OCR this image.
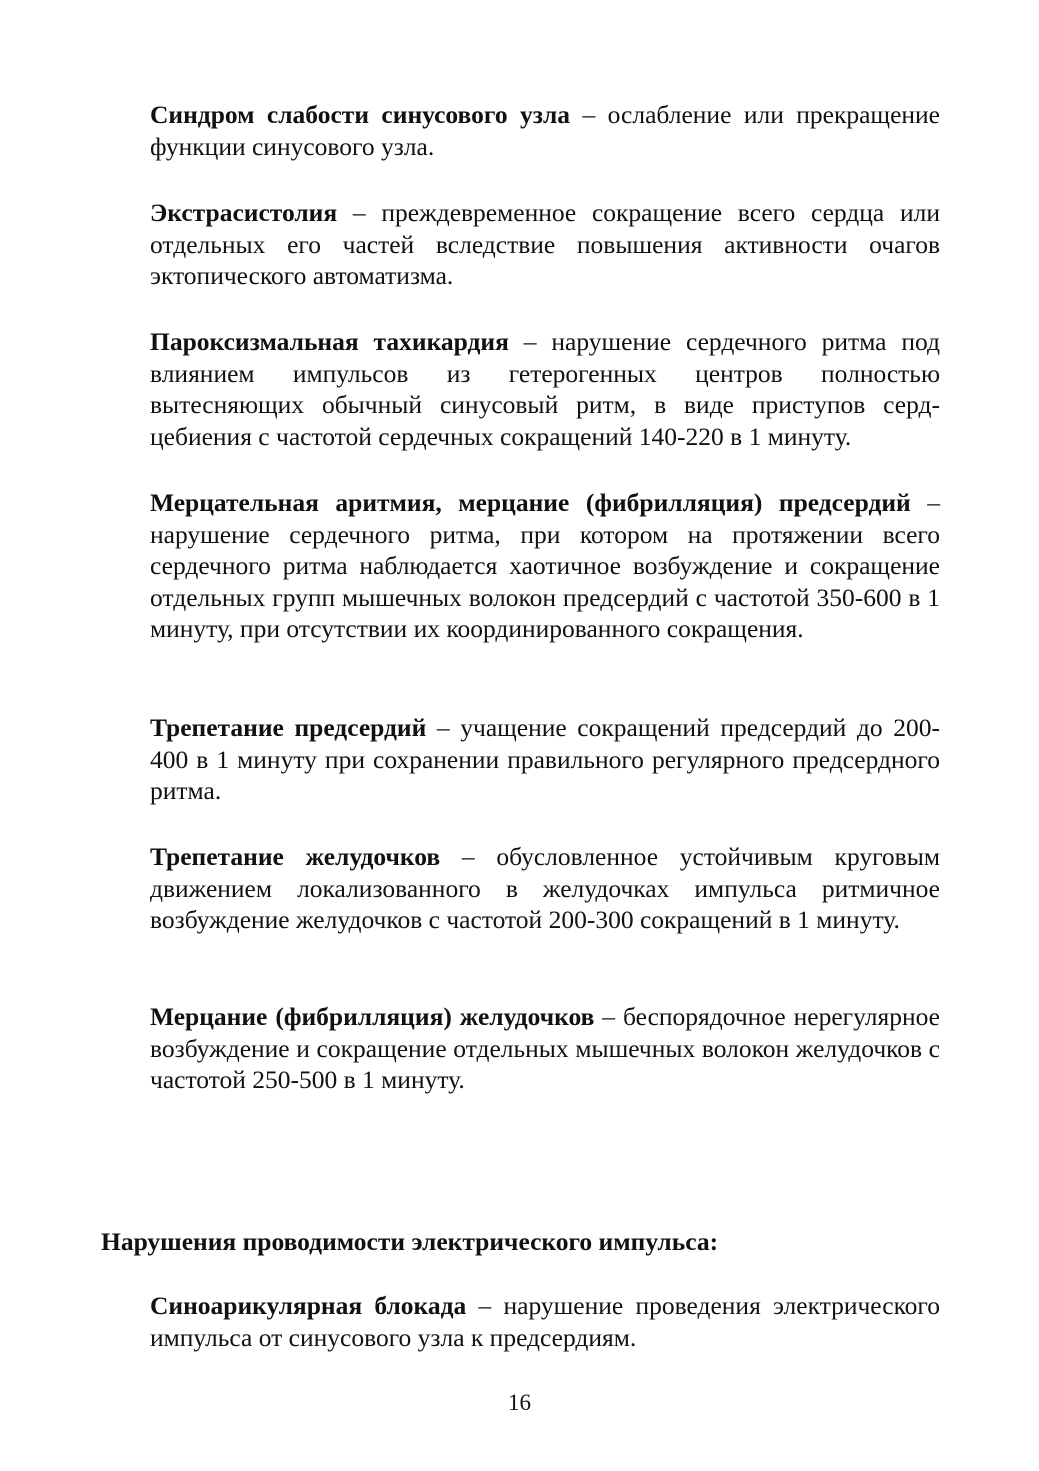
Синдром слабости синусового узла – ослабление или прекращение функции синусового узла.

Экстрасистолия – преждевременное сокращение всего сердца или отдельных его частей вследствие повышения активности очагов эктопического автоматизма.

Пароксизмальная тахикардия – нарушение сердечного ритма под влиянием импульсов из гетерогенных центров полностью вытесняющих обычный синусовый ритм, в виде приступов сердцебиения с частотой сердечных сокращений 140-220 в 1 минуту.

Мерцательная аритмия, мерцание (фибрилляция) предсердий – нарушение сердечного ритма, при котором на протяжении всего сердечного ритма наблюдается хаотичное возбуждение и сокращение отдельных групп мышечных волокон предсердий с частотой 350-600 в 1 минуту, при отсутствии их координированного сокращения.

Трепетание предсердий – учащение сокращений предсердий до 200-400 в 1 минуту при сохранении правильного регулярного предсердного ритма.

Трепетание желудочков – обусловленное устойчивым круговым движением локализованного в желудочках импульса ритмичное возбуждение желудочков с частотой 200-300 сокращений в 1 минуту.

Мерцание (фибрилляция) желудочков – беспорядочное нерегулярное возбуждение и сокращение отдельных мышечных волокон желудочков с частотой 250-500 в 1 минуту.

Нарушения проводимости электрического импульса:

Синоарикулярная блокада – нарушение проведения электрического импульса от синусового узла к предсердиям.

16
